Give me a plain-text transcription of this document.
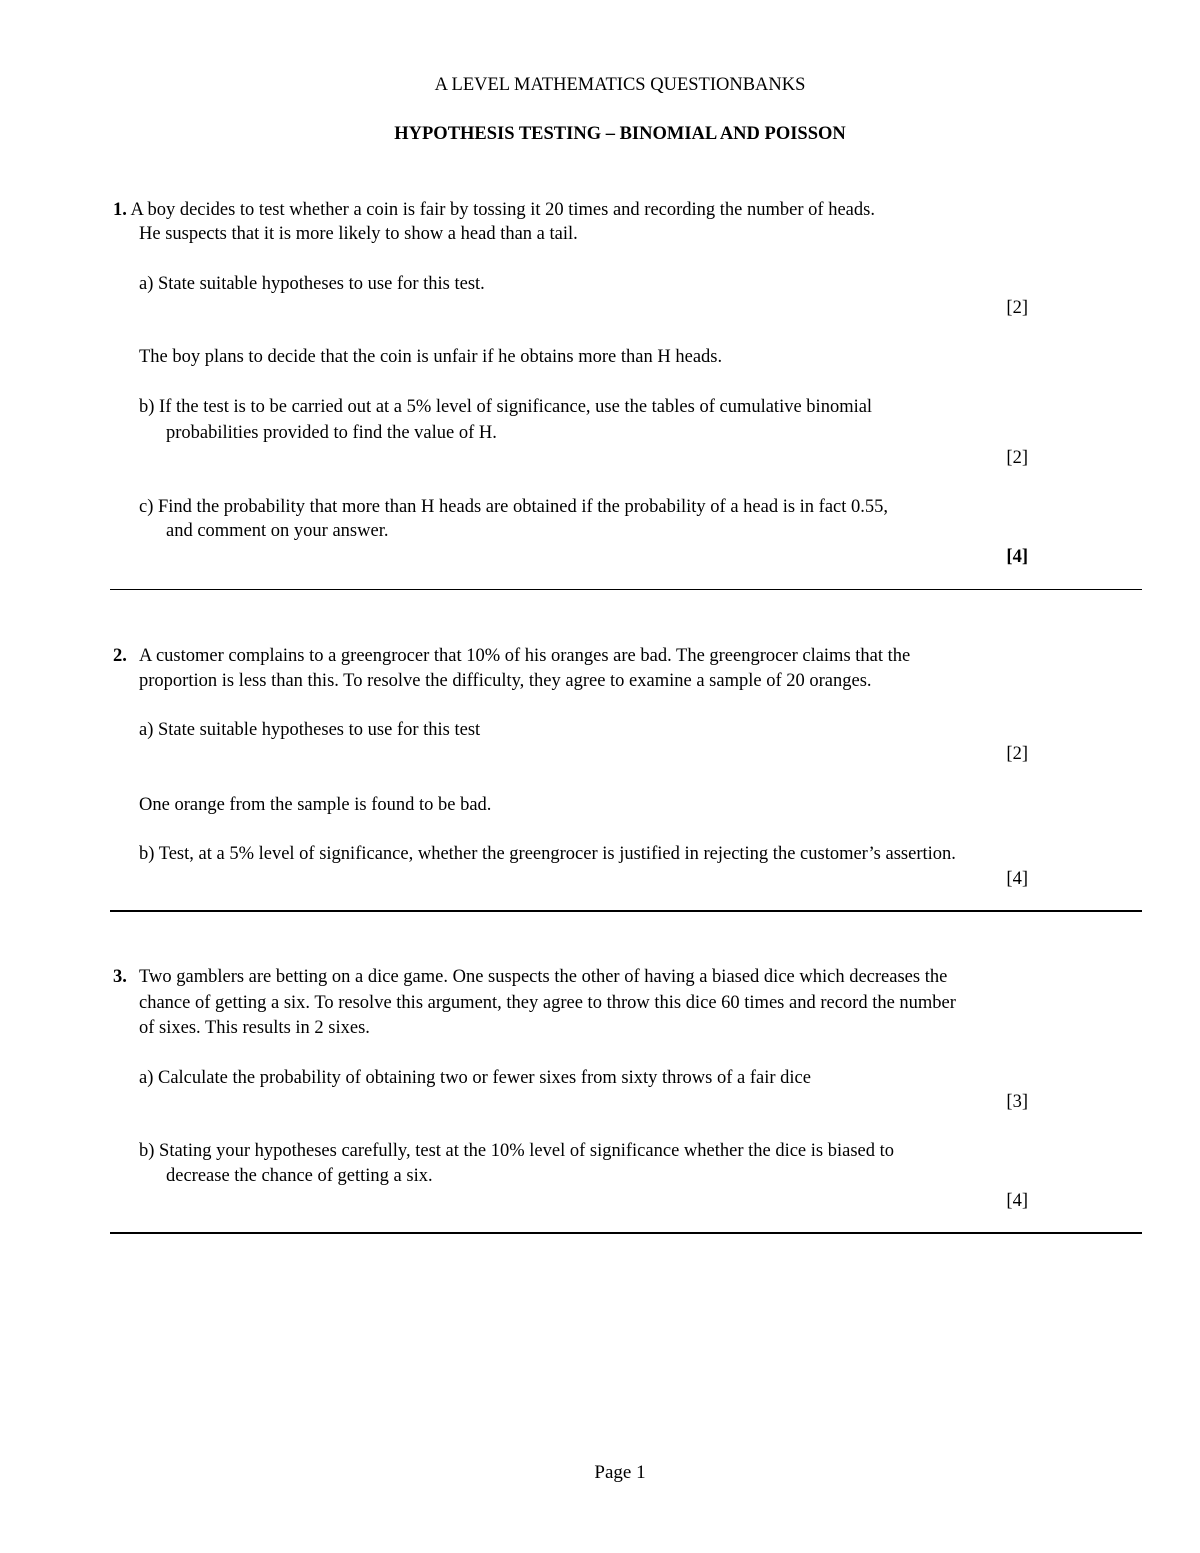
A LEVEL MATHEMATICS QUESTIONBANKS
HYPOTHESIS TESTING – BINOMIAL AND POISSON
1. A boy decides to test whether a coin is fair by tossing it 20 times and recording the number of heads.
He suspects that it is more likely to show a head than a tail.
a) State suitable hypotheses to use for this test.
[2]
The boy plans to decide that the coin is unfair if he obtains more than H heads.
b) If the test is to be carried out at a 5% level of significance, use the tables of cumulative binomial
probabilities provided to find the value of H.
[2]
c) Find the probability that more than H heads are obtained if the probability of a head is in fact 0.55,
and comment on your answer.
[4]
2. A customer complains to a greengrocer that 10% of his oranges are bad. The greengrocer claims that the
proportion is less than this. To resolve the difficulty, they agree to examine a sample of 20 oranges.
a) State suitable hypotheses to use for this test
[2]
One orange from the sample is found to be bad.
b) Test, at a 5% level of significance, whether the greengrocer is justified in rejecting the customer’s assertion.
[4]
3. Two gamblers are betting on a dice game. One suspects the other of having a biased dice which decreases the
chance of getting a six. To resolve this argument, they agree to throw this dice 60 times and record the number
of sixes. This results in 2 sixes.
a) Calculate the probability of obtaining two or fewer sixes from sixty throws of a fair dice
[3]
b) Stating your hypotheses carefully, test at the 10% level of significance whether the dice is biased to
decrease the chance of getting a six.
[4]
Page 1
